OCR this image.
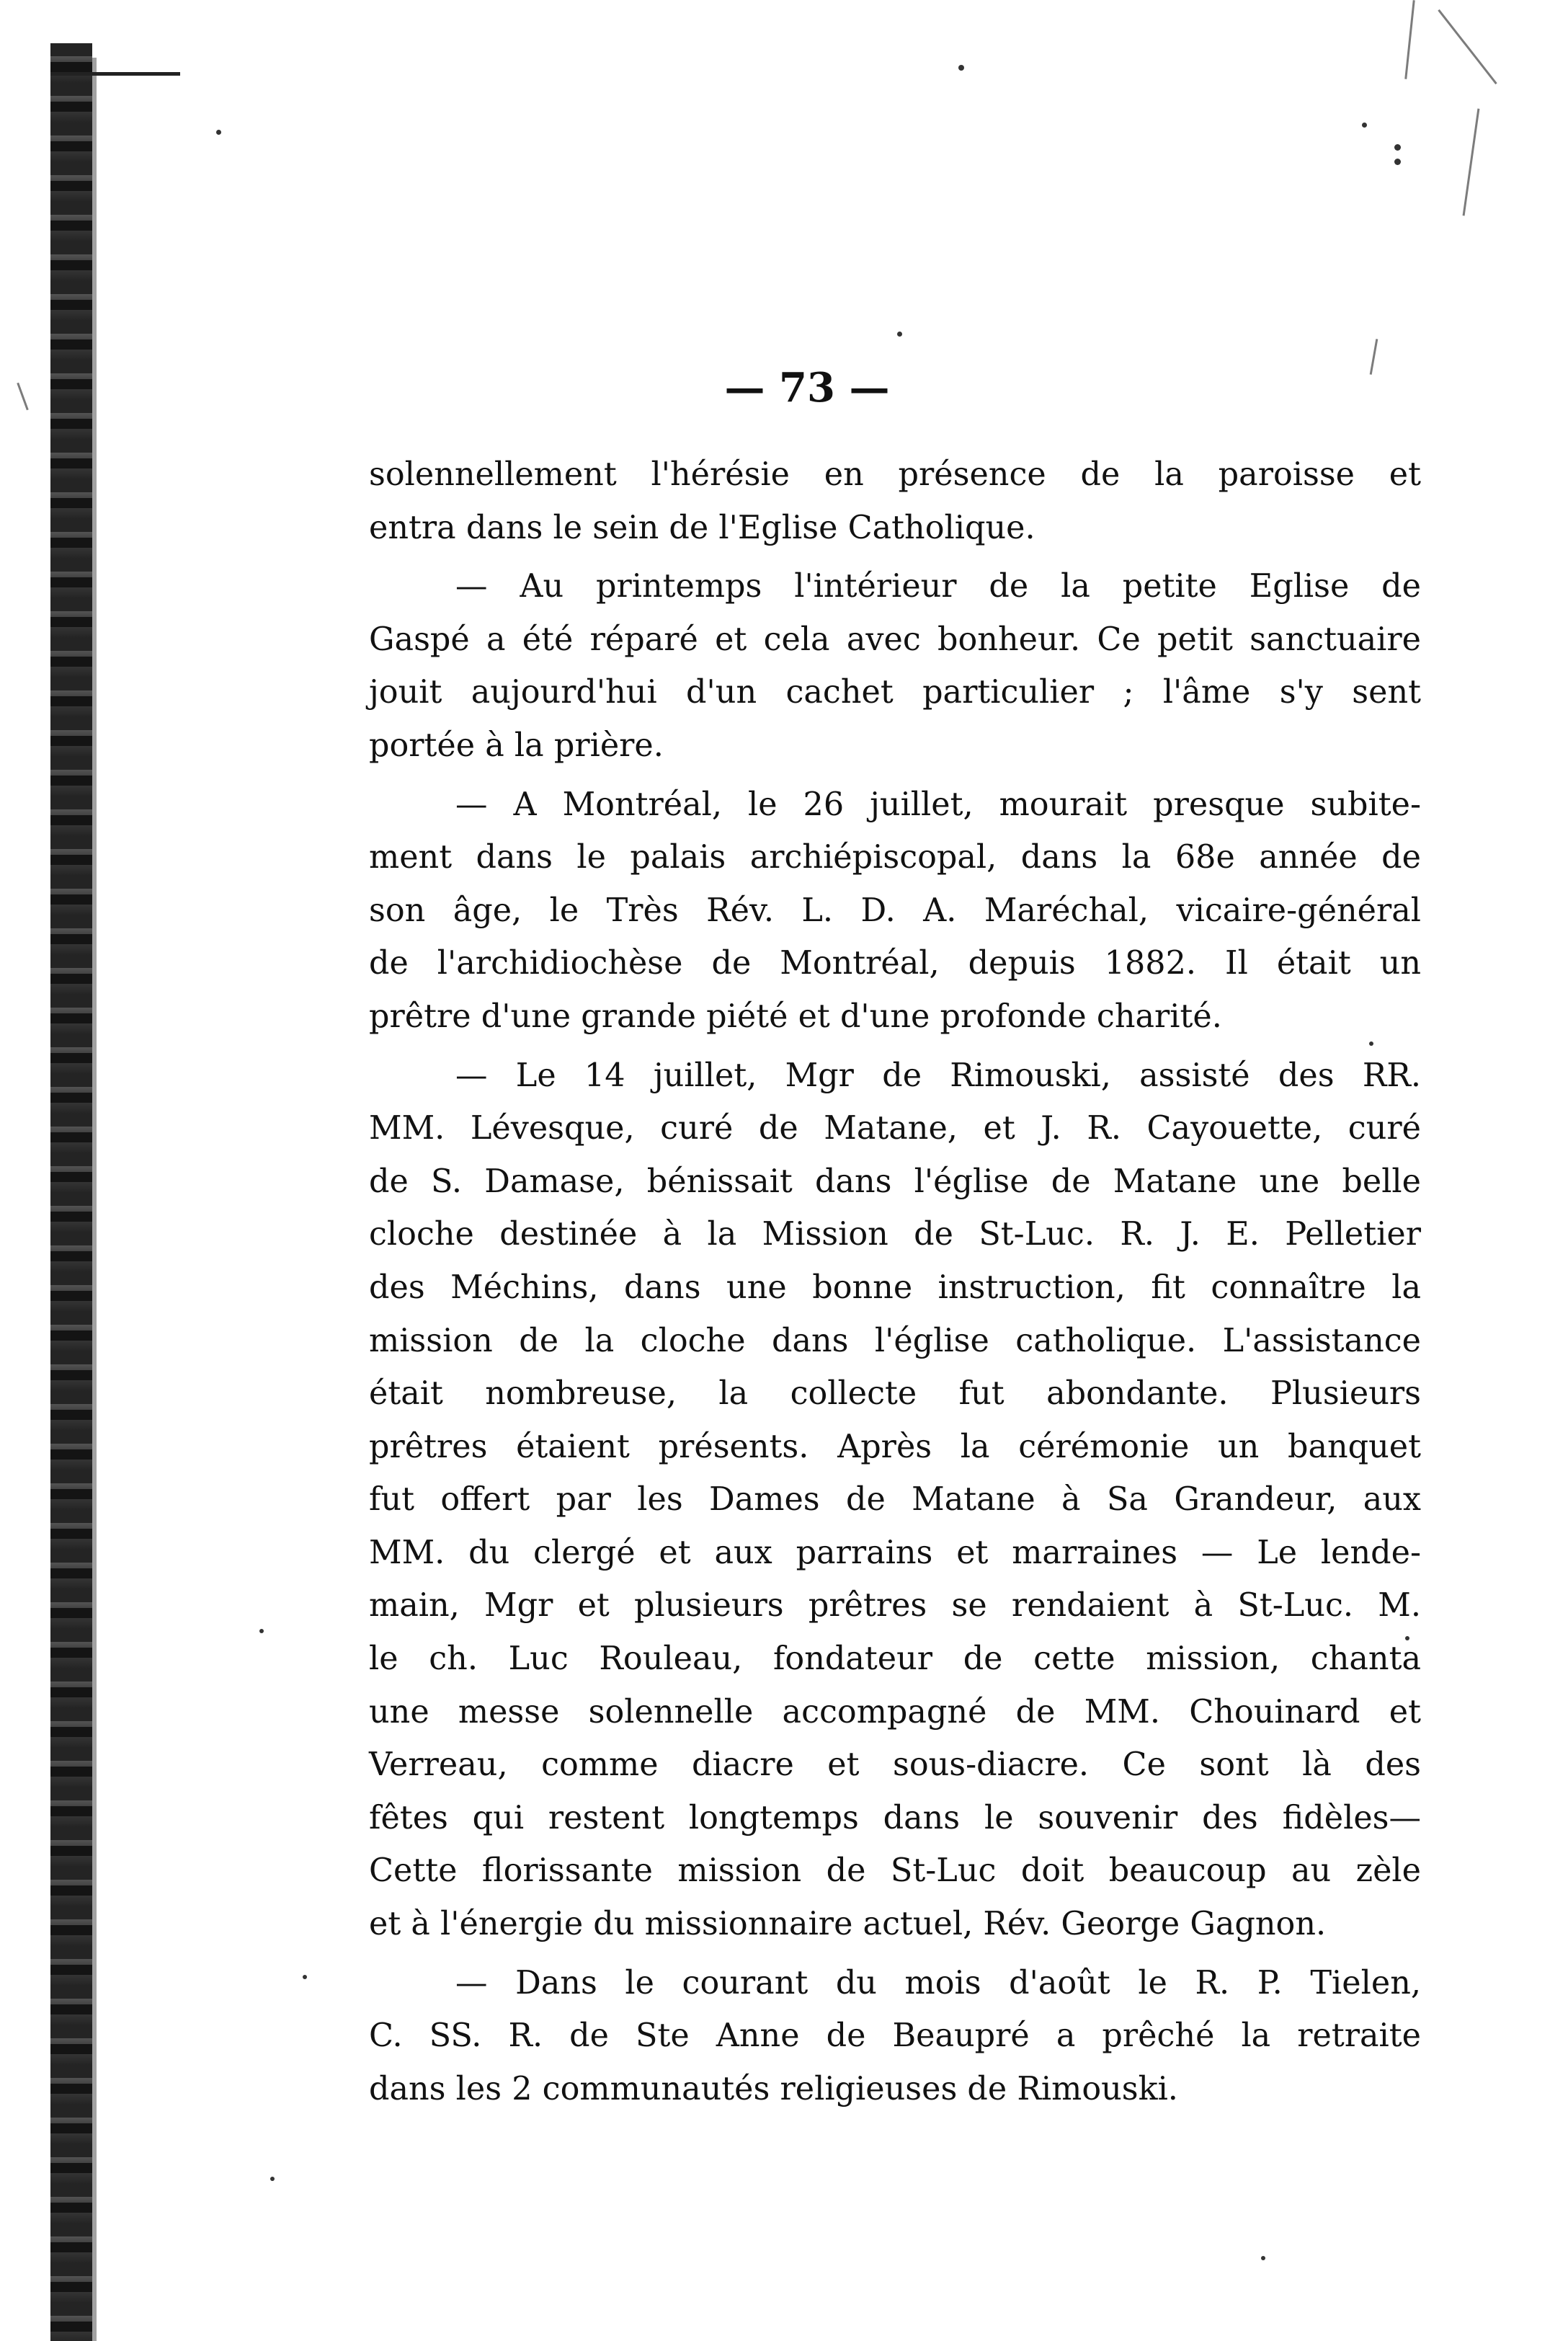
— 73 —
solennellement l'hérésie en présence de la paroisse et
entra dans le sein de l'Eglise Catholique.
— Au printemps l'intérieur de la petite Eglise de
Gaspé a été réparé et cela avec bonheur. Ce petit sanctuaire
jouit aujourd'hui d'un cachet particulier ; l'âme s'y sent
portée à la prière.
— A Montréal, le 26 juillet, mourait presque subite-
ment dans le palais archiépiscopal, dans la 68e année de
son âge, le Très Rév. L. D. A. Maréchal, vicaire-général
de l'archidiochèse de Montréal, depuis 1882. Il était un
prêtre d'une grande piété et d'une profonde charité.
— Le 14 juillet, Mgr de Rimouski, assisté des RR.
MM. Lévesque, curé de Matane, et J. R. Cayouette, curé
de S. Damase, bénissait dans l'église de Matane une belle
cloche destinée à la Mission de St-Luc. R. J. E. Pelletier
des Méchins, dans une bonne instruction, fit connaître la
mission de la cloche dans l'église catholique. L'assistance
était nombreuse, la collecte fut abondante. Plusieurs
prêtres étaient présents. Après la cérémonie un banquet
fut offert par les Dames de Matane à Sa Grandeur, aux
MM. du clergé et aux parrains et marraines — Le lende-
main, Mgr et plusieurs prêtres se rendaient à St-Luc. M.
le ch. Luc Rouleau, fondateur de cette mission, chanta
une messe solennelle accompagné de MM. Chouinard et
Verreau, comme diacre et sous-diacre. Ce sont là des
fêtes qui restent longtemps dans le souvenir des fidèles—
Cette florissante mission de St-Luc doit beaucoup au zèle
et à l'énergie du missionnaire actuel, Rév. George Gagnon.
— Dans le courant du mois d'août le R. P. Tielen,
C. SS. R. de Ste Anne de Beaupré a prêché la retraite
dans les 2 communautés religieuses de Rimouski.
